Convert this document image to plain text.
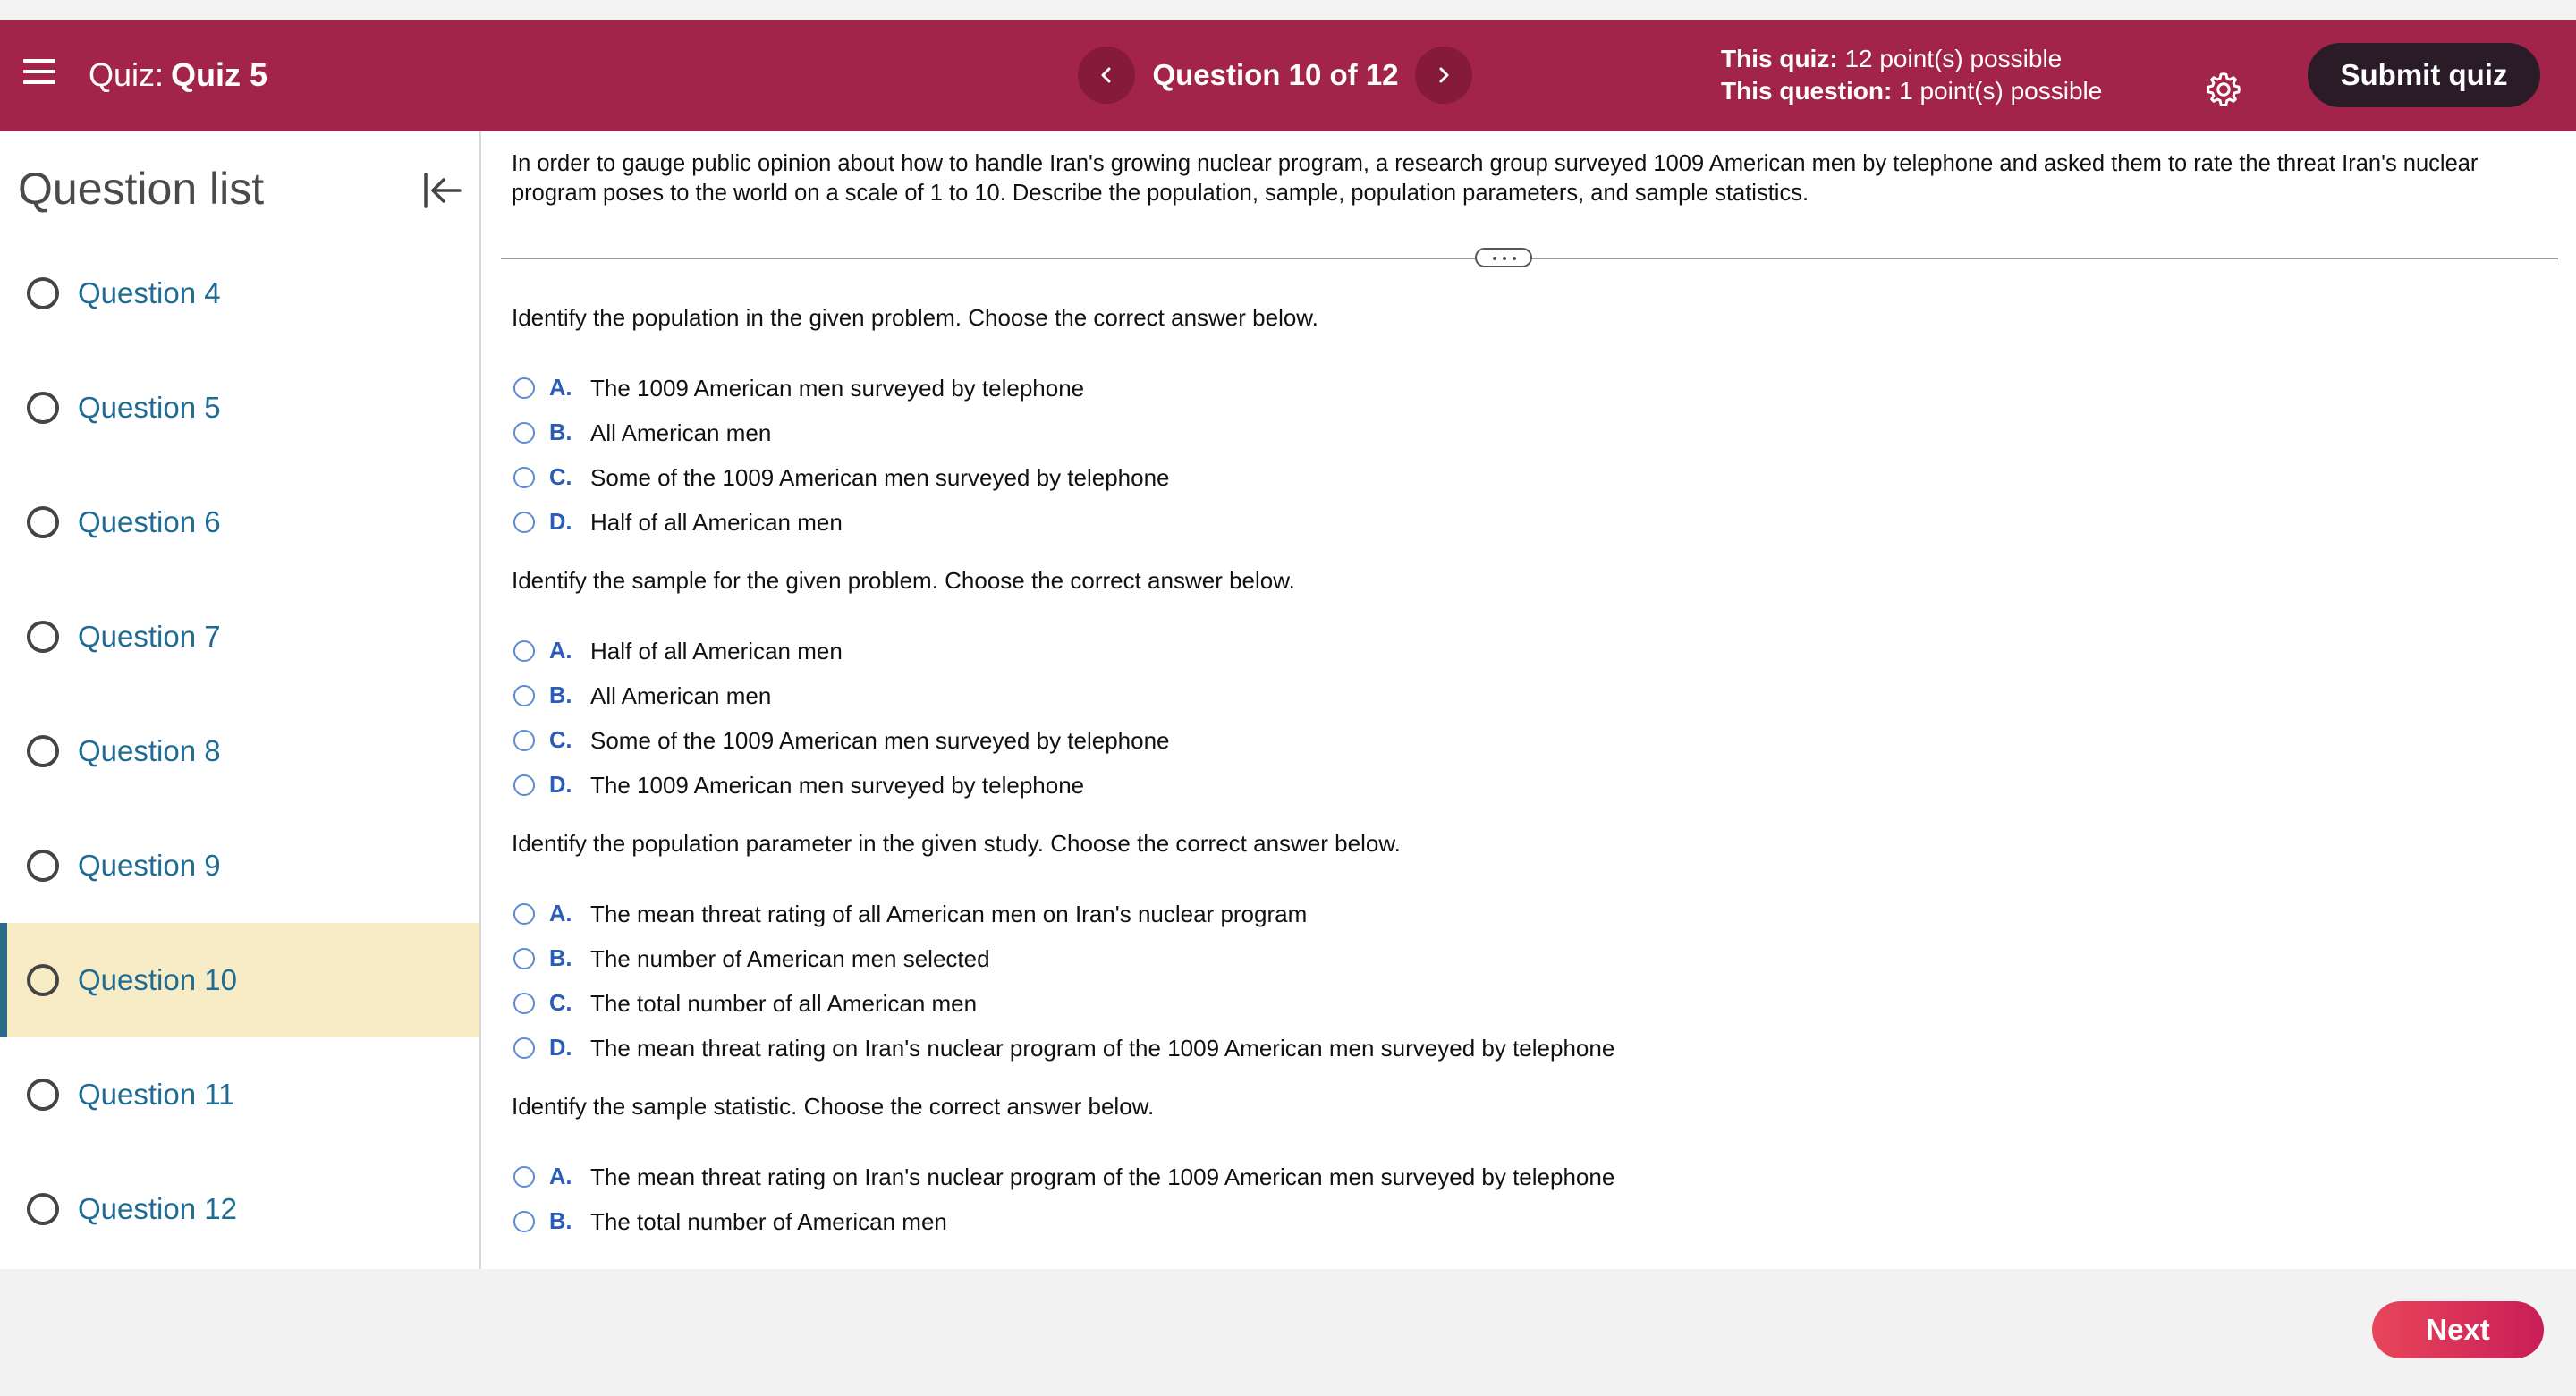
Quiz: Quiz 5	Question 10 of 12	This quiz: 12 point(s) possible
This question: 1 point(s) possible	Submit quiz
Question list
Question 4
Question 5
Question 6
Question 7
Question 8
Question 9
Question 10
Question 11
Question 12
In order to gauge public opinion about how to handle Iran's growing nuclear program, a research group surveyed 1009 American men by telephone and asked them to rate the threat Iran's nuclear program poses to the world on a scale of 1 to 10. Describe the population, sample, population parameters, and sample statistics.
Identify the population in the given problem. Choose the correct answer below.
A. The 1009 American men surveyed by telephone
B. All American men
C. Some of the 1009 American men surveyed by telephone
D. Half of all American men
Identify the sample for the given problem. Choose the correct answer below.
A. Half of all American men
B. All American men
C. Some of the 1009 American men surveyed by telephone
D. The 1009 American men surveyed by telephone
Identify the population parameter in the given study. Choose the correct answer below.
A. The mean threat rating of all American men on Iran's nuclear program
B. The number of American men selected
C. The total number of all American men
D. The mean threat rating on Iran's nuclear program of the 1009 American men surveyed by telephone
Identify the sample statistic. Choose the correct answer below.
A. The mean threat rating on Iran's nuclear program of the 1009 American men surveyed by telephone
B. The total number of American men
Next
